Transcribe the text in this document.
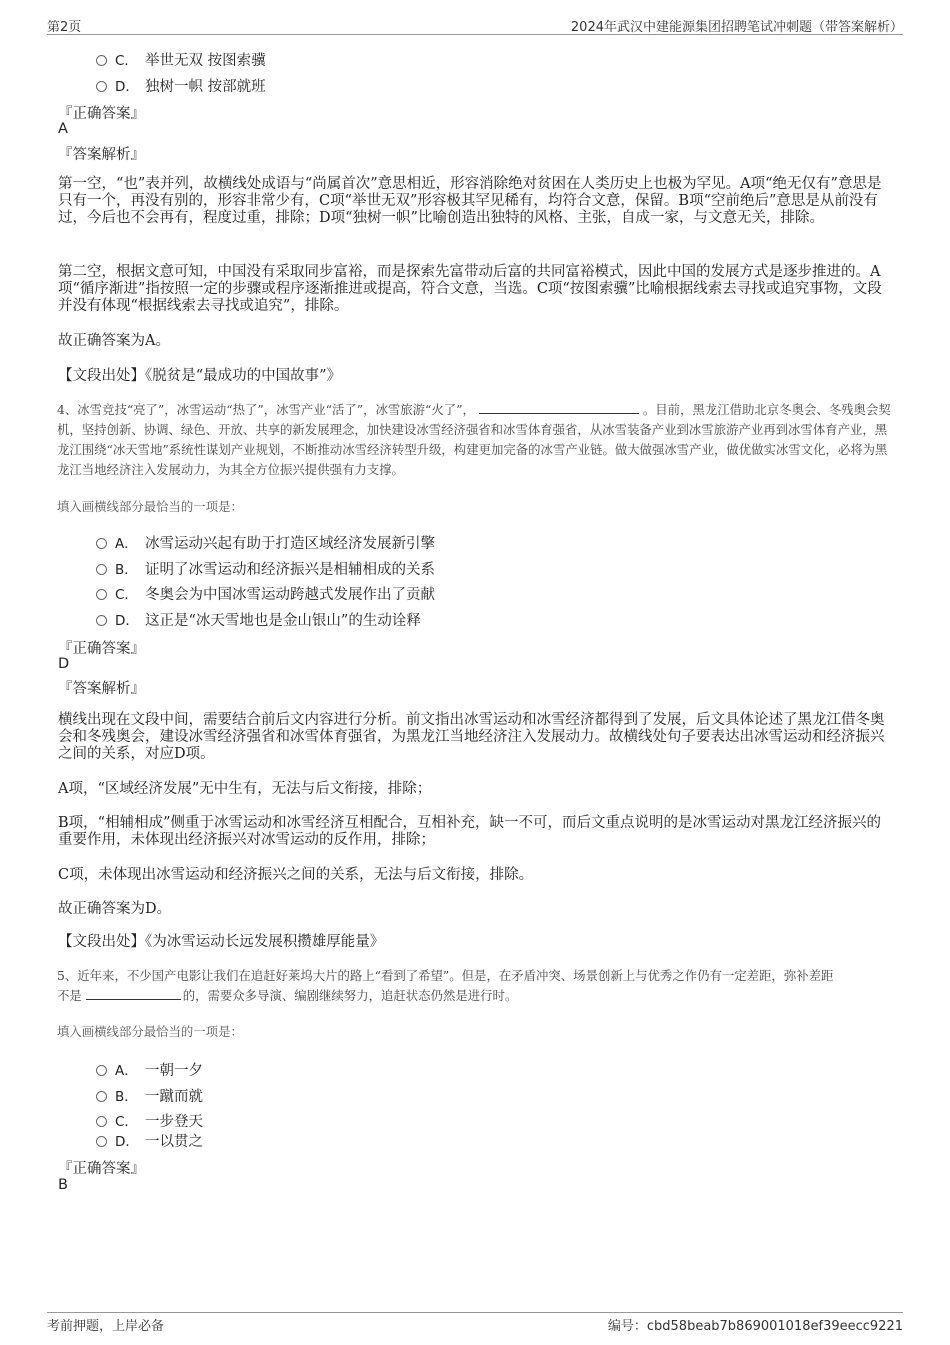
第2页	2024年武汉中建能源集团招聘笔试冲刺题（带答案解析）
C． 举世无双 按图索骥
D． 独树一帜 按部就班
『正确答案』
A
『答案解析』
第一空，“也”表并列，故横线处成语与“尚属首次”意思相近，形容消除绝对贫困在人类历史上也极为罕见。A项“绝无仅有”意思是只有一个，再没有别的，形容非常少有，C项“举世无双”形容极其罕见稀有，均符合文意，保留。B项“空前绝后”意思是从前没有过，今后也不会再有，程度过重，排除；D项“独树一帜”比喻创造出独特的风格、主张，自成一家，与文意无关，排除。
第二空，根据文意可知，中国没有采取同步富裕，而是探索先富带动后富的共同富裕模式，因此中国的发展方式是逐步推进的。A项“循序渐进”指按照一定的步骤或程序逐渐推进或提高，符合文意，当选。C项“按图索骥”比喻根据线索去寻找或追究事物，文段并没有体现“根据线索去寻找或追究”，排除。
故正确答案为A。
【文段出处】《脱贫是“最成功的中国故事”》
4、冰雪竞技“亮了”，冰雪运动“热了”，冰雪产业“活了”，冰雪旅游“火了”，	。目前，黑龙江借助北京冬奥会、冬残奥会契机，坚持创新、协调、绿色、开放、共享的新发展理念，加快建设冰雪经济强省和冰雪体育强省，从冰雪装备产业到冰雪旅游产业再到冰雪体育产业，黑龙江围绕“冰天雪地”系统性谋划产业规划，不断推动冰雪经济转型升级，构建更加完备的冰雪产业链。做大做强冰雪产业，做优做实冰雪文化，必将为黑龙江当地经济注入发展动力，为其全方位振兴提供强有力支撑。
填入画横线部分最恰当的一项是：
A． 冰雪运动兴起有助于打造区域经济发展新引擎
B． 证明了冰雪运动和经济振兴是相辅相成的关系
C． 冬奥会为中国冰雪运动跨越式发展作出了贡献
D． 这正是“冰天雪地也是金山银山”的生动诠释
『正确答案』
D
『答案解析』
横线出现在文段中间，需要结合前后文内容进行分析。前文指出冰雪运动和冰雪经济都得到了发展，后文具体论述了黑龙江借冬奥会和冬残奥会，建设冰雪经济强省和冰雪体育强省，为黑龙江当地经济注入发展动力。故横线处句子要表达出冰雪运动和经济振兴之间的关系，对应D项。
A项，“区域经济发展”无中生有，无法与后文衔接，排除；
B项，“相辅相成”侧重于冰雪运动和冰雪经济互相配合，互相补充，缺一不可，而后文重点说明的是冰雪运动对黑龙江经济振兴的重要作用，未体现出经济振兴对冰雪运动的反作用，排除；
C项，未体现出冰雪运动和经济振兴之间的关系，无法与后文衔接，排除。
故正确答案为D。
【文段出处】《为冰雪运动长远发展积攒雄厚能量》
5、近年来，不少国产电影让我们在追赶好莱坞大片的路上“看到了希望”。但是，在矛盾冲突、场景创新上与优秀之作仍有一定差距，弥补差距
不是	的，需要众多导演、编剧继续努力，追赶状态仍然是进行时。
填入画横线部分最恰当的一项是：
A． 一朝一夕
B． 一蹴而就
C． 一步登天
D． 一以贯之
『正确答案』
B
考前押题，上岸必备	编号：cbd58beab7b869001018ef39eecc9221
